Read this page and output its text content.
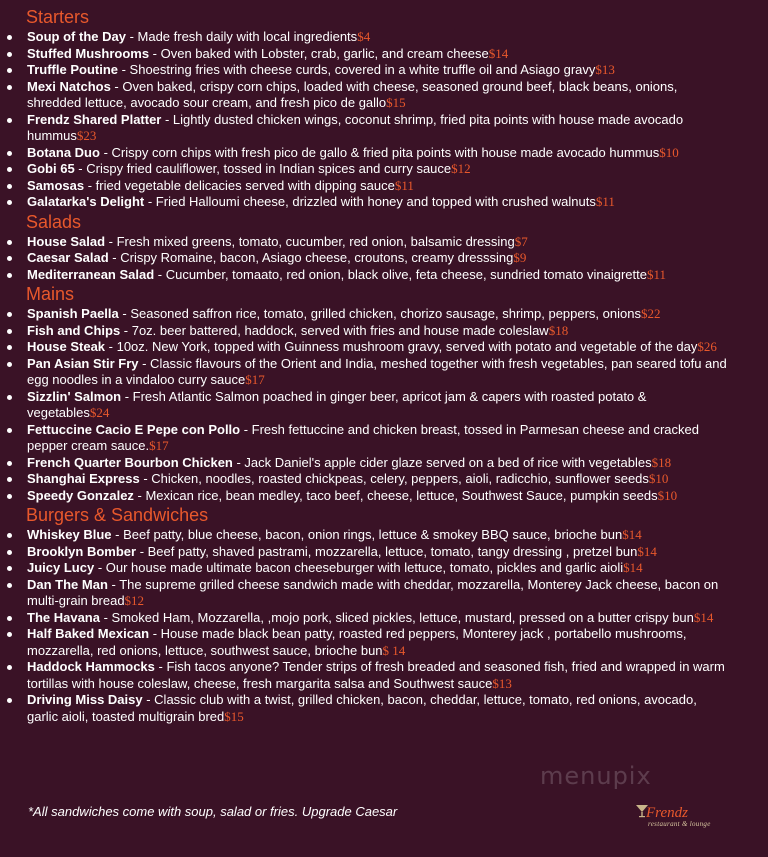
Starters
Soup of the Day - Made fresh daily with local ingredients$4
Stuffed Mushrooms - Oven baked with Lobster, crab, garlic, and cream cheese$14
Truffle Poutine - Shoestring fries with cheese curds, covered in a white truffle oil and Asiago gravy$13
Mexi Natchos - Oven baked, crispy corn chips, loaded with cheese, seasoned ground beef, black beans, onions, shredded lettuce, avocado sour cream, and fresh pico de gallo$15
Frendz Shared Platter - Lightly dusted chicken wings, coconut shrimp, fried pita points with house made avocado hummus$23
Botana Duo - Crispy corn chips with fresh pico de gallo & fried pita points with house made avocado hummus$10
Gobi 65 - Crispy fried cauliflower, tossed in Indian spices and curry sauce$12
Samosas - fried vegetable delicacies served with dipping sauce$11
Galatarka's Delight - Fried Halloumi cheese, drizzled with honey and topped with crushed walnuts$11
Salads
House Salad - Fresh mixed greens, tomato, cucumber, red onion, balsamic dressing$7
Caesar Salad - Crispy Romaine, bacon, Asiago cheese, croutons, creamy dresssing$9
Mediterranean Salad - Cucumber, tomaato, red onion, black olive, feta cheese, sundried tomato vinaigrette$11
Mains
Spanish Paella - Seasoned saffron rice, tomato, grilled chicken, chorizo sausage, shrimp, peppers, onions$22
Fish and Chips - 7oz. beer battered, haddock, served with fries and house made coleslaw$18
House Steak - 10oz. New York, topped with Guinness mushroom gravy, served with potato and vegetable of the day$26
Pan Asian Stir Fry - Classic flavours of the Orient and India, meshed together with fresh vegetables, pan seared tofu and egg noodles in a vindaloo curry sauce$17
Sizzlin' Salmon - Fresh Atlantic Salmon poached in ginger beer, apricot jam & capers with roasted potato & vegetables$24
Fettuccine Cacio E Pepe con Pollo - Fresh fettuccine and chicken breast, tossed in Parmesan cheese and cracked pepper cream sauce.$17
French Quarter Bourbon Chicken - Jack Daniel's apple cider glaze served on a bed of rice with vegetables$18
Shanghai Express - Chicken, noodles, roasted chickpeas, celery, peppers, aioli, radicchio, sunflower seeds$10
Speedy Gonzalez - Mexican rice, bean medley, taco beef, cheese, lettuce, Southwest Sauce, pumpkin seeds$10
Burgers & Sandwiches
Whiskey Blue - Beef patty, blue cheese, bacon, onion rings, lettuce & smokey BBQ sauce, brioche bun$14
Brooklyn Bomber - Beef patty, shaved pastrami, mozzarella, lettuce, tomato, tangy dressing , pretzel bun$14
Juicy Lucy - Our house made ultimate bacon cheeseburger with lettuce, tomato, pickles and garlic aioli$14
Dan The Man - The supreme grilled cheese sandwich made with cheddar, mozzarella, Monterey Jack cheese, bacon on multi-grain bread$12
The Havana - Smoked Ham, Mozzarella, ,mojo pork, sliced pickles, lettuce, mustard, pressed on a butter crispy bun$14
Half Baked Mexican - House made black bean patty, roasted red peppers, Monterey jack , portabello mushrooms, mozzarella, red onions, lettuce, southwest sauce, brioche bun$ 14
Haddock Hammocks - Fish tacos anyone? Tender strips of fresh breaded and seasoned fish, fried and wrapped in warm tortillas with house coleslaw, cheese, fresh margarita salsa and Southwest sauce$13
Driving Miss Daisy - Classic club with a twist, grilled chicken, bacon, cheddar, lettuce, tomato, red onions, avocado, garlic aioli, toasted multigrain bred$15
*All sandwiches come with soup, salad or fries. Upgrade Caesar
menupix
Frendz
restaurant & lounge
